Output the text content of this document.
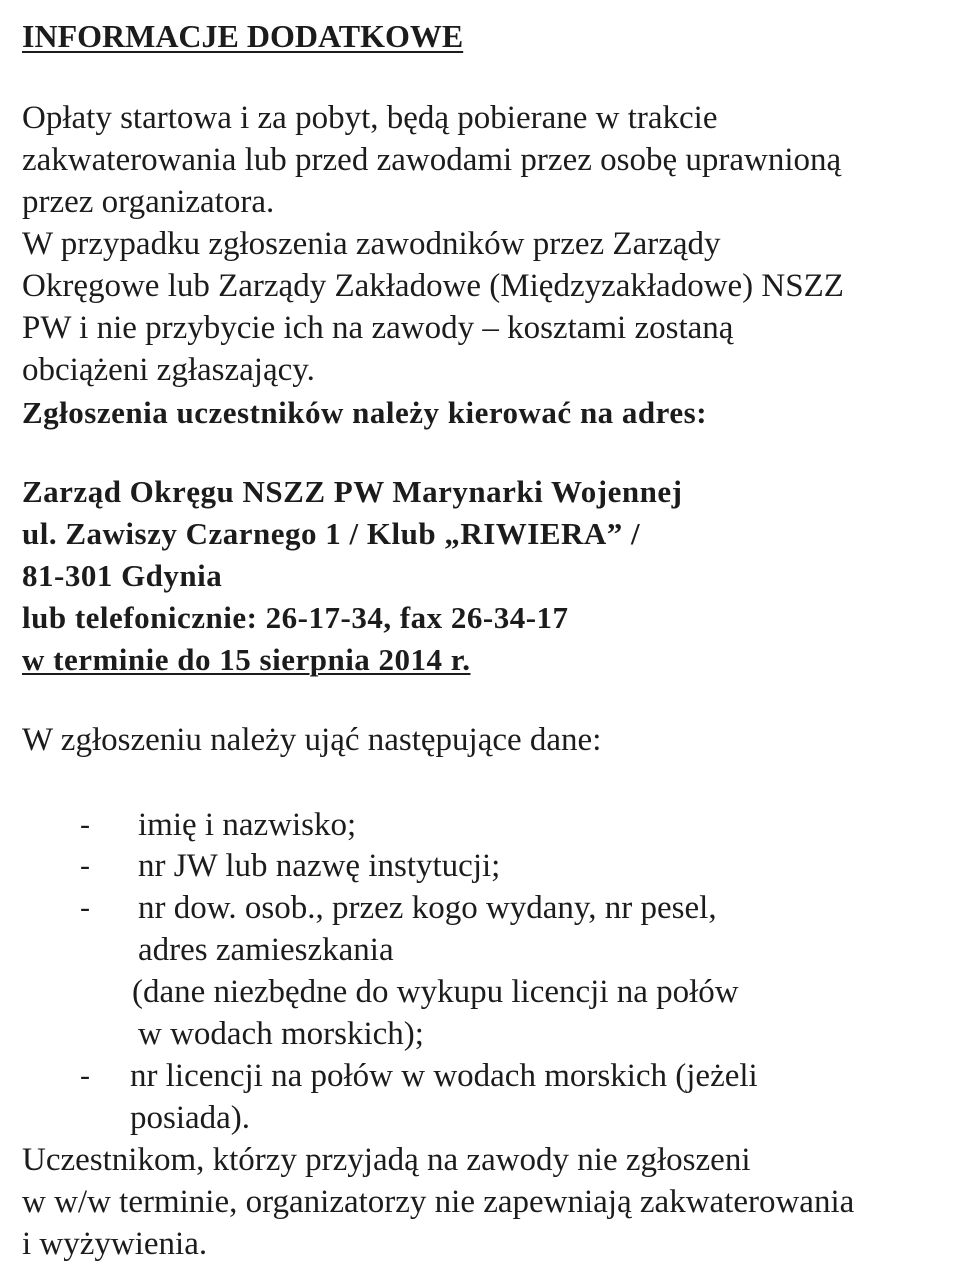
INFORMACJE DODATKOWE
Opłaty startowa i za pobyt, będą pobierane w trakcie
zakwaterowania lub przed zawodami przez osobę uprawnioną
przez organizatora.
W przypadku zgłoszenia zawodników przez Zarządy
Okręgowe lub Zarządy Zakładowe (Międzyzakładowe) NSZZ
PW i nie przybycie ich na zawody – kosztami zostaną
obciążeni zgłaszający.
Zgłoszenia uczestników należy kierować na adres:
Zarząd Okręgu NSZZ PW Marynarki Wojennej
ul. Zawiszy Czarnego 1 / Klub „RIWIERA” /
81-301 Gdynia
lub telefonicznie: 26-17-34, fax 26-34-17
w terminie do 15 sierpnia 2014 r.
W zgłoszeniu należy ująć następujące dane:
- imię i nazwisko;
- nr JW lub nazwę instytucji;
- nr dow. osob., przez kogo wydany, nr pesel,
adres zamieszkania
(dane niezbędne do wykupu licencji na połów
w wodach morskich);
- nr licencji na połów w wodach morskich (jeżeli
posiada).
Uczestnikom, którzy przyjadą na zawody nie zgłoszeni
w w/w terminie, organizatorzy nie zapewniają zakwaterowania
i wyżywienia.
